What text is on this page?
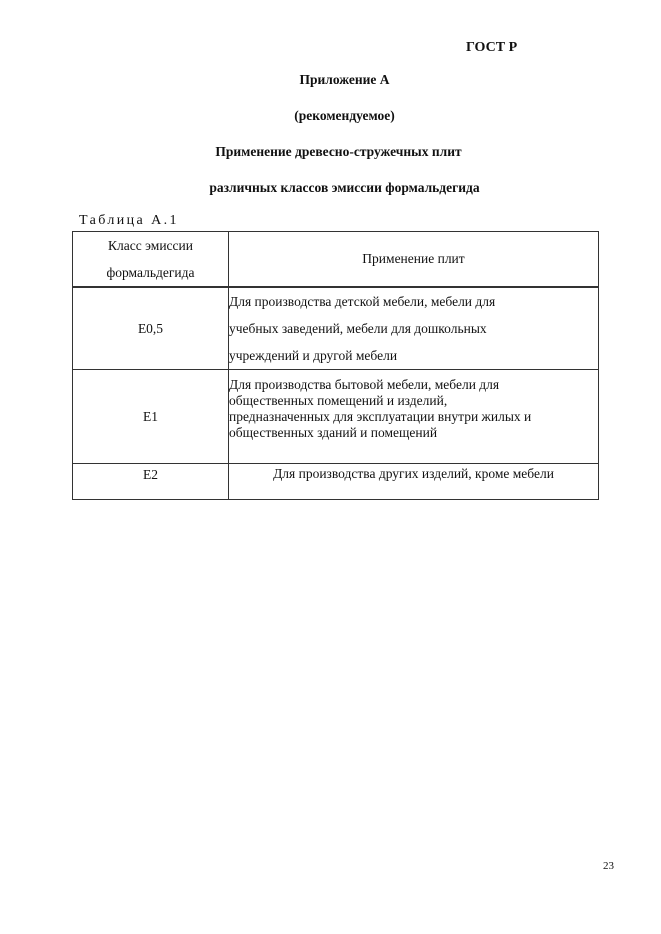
ГОСТ Р
Приложение А
(рекомендуемое)
Применение древесно-стружечных плит
различных классов эмиссии формальдегида
Таблица А.1
Класс эмиссии
формальдегида	Применение плит
Е0,5	Для производства детской мебели, мебели для
учебных заведений, мебели для дошкольных
учреждений и другой мебели

Е1	Для производства бытовой мебели, мебели для
общественных помещений и изделий,
предназначенных для эксплуатации внутри жилых и
общественных зданий и помещений

Е2	Для производства других изделий, кроме мебели
23
